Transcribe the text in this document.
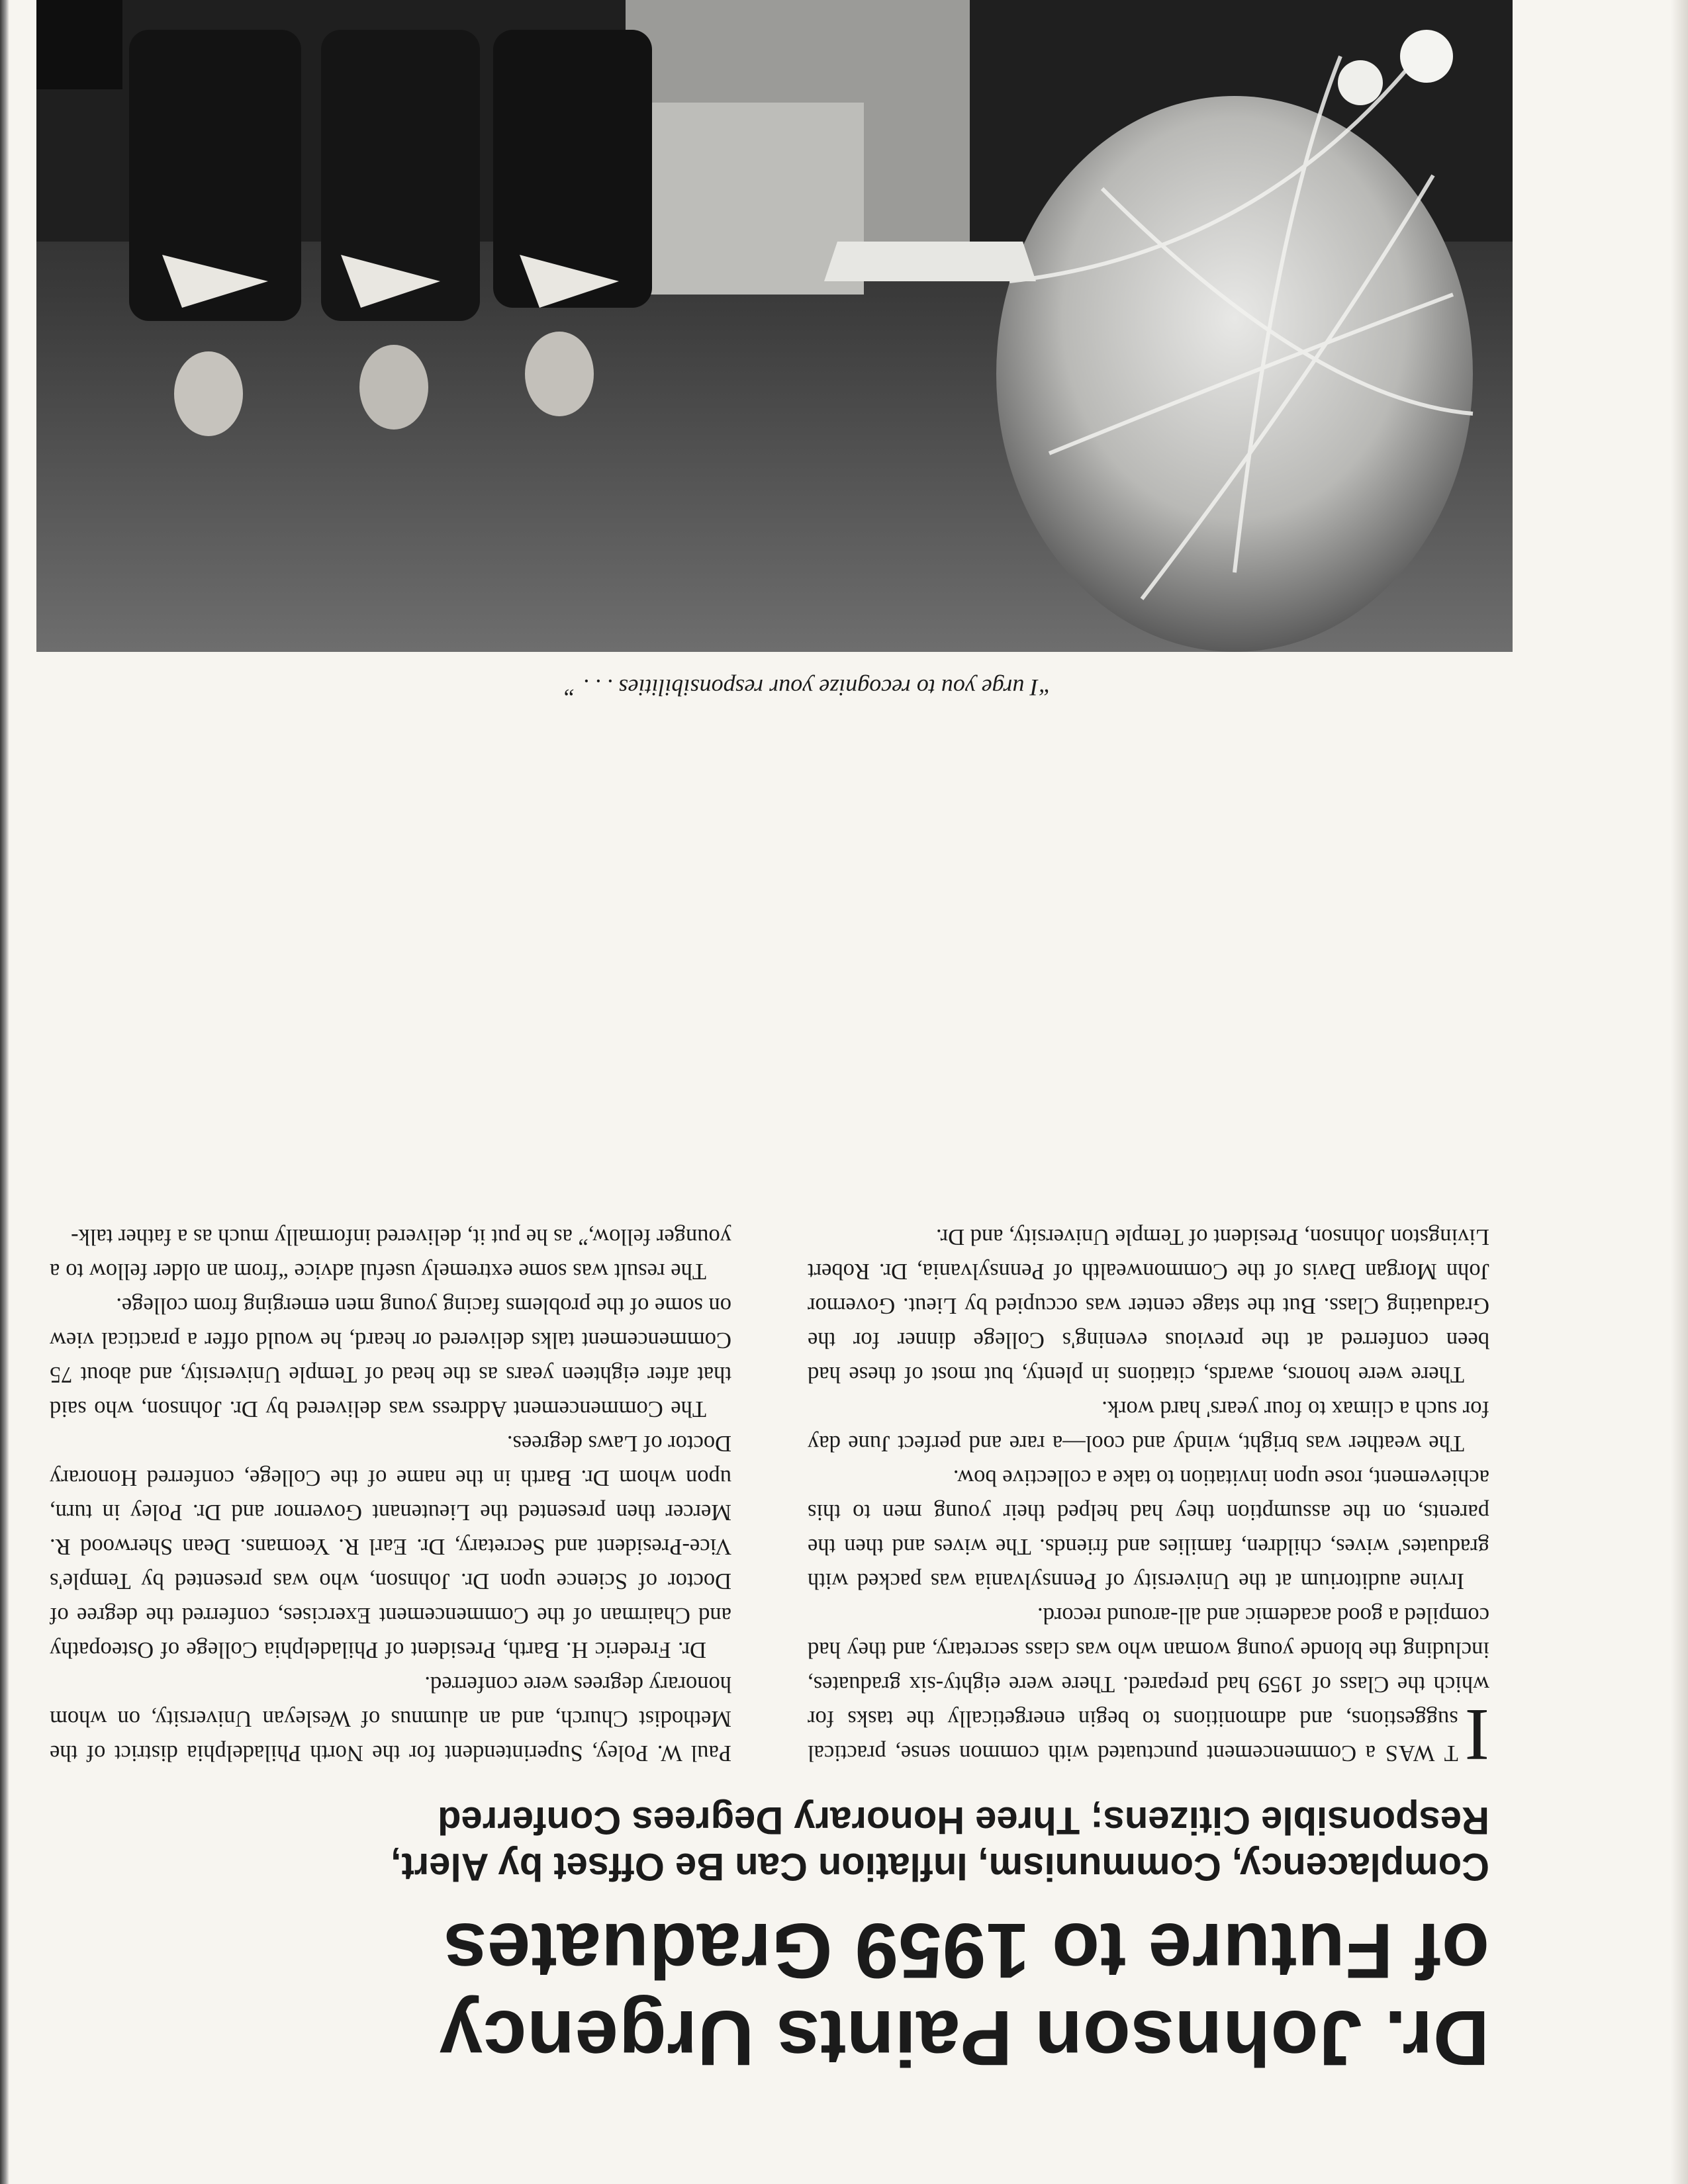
Dr. Johnson Paints Urgency
of Future to 1959 Graduates
Complacency, Communism, Inflation Can Be Offset by Alert,
Responsible Citizens; Three Honorary Degrees Conferred

I
T WAS a Commencement punctuated with common sense, practical suggestions, and admonitions to begin energetically the tasks for which the Class of 1959 had prepared. There were eighty-six graduates, including the blonde young woman who was class secretary, and they had compiled a good academic and all-around record.

Irvine auditorium at the University of Pennsylvania was packed with graduates' wives, children, families and friends. The wives and then the parents, on the assumption they had helped their young men to this achievement, rose upon invitation to take a collective bow.

The weather was bright, windy and cool—a rare and perfect June day for such a climax to four years' hard work.

There were honors, awards, citations in plenty, but most of these had been conferred at the previous evening's College dinner for the Graduating Class. But the stage center was occupied by Lieut. Governor John Morgan Davis of the Commonwealth of Pennsylvania, Dr. Robert Livingston Johnson, President of Temple University, and Dr.

Paul W. Poley, Superintendent for the North Philadelphia district of the Methodist Church, and an alumnus of Wesleyan University, on whom honorary degrees were conferred.

Dr. Frederic H. Barth, President of Philadelphia College of Osteopathy and Chairman of the Commencement Exercises, conferred the degree of Doctor of Science upon Dr. Johnson, who was presented by Temple's Vice-President and Secretary, Dr. Earl R. Yeomans. Dean Sherwood R. Mercer then presented the Lieutenant Governor and Dr. Poley in turn, upon whom Dr. Barth in the name of the College, conferred Honorary Doctor of Laws degrees.

The Commencement Address was delivered by Dr. Johnson, who said that after eighteen years as the head of Temple University, and about 75 Commencement talks delivered or heard, he would offer a practical view on some of the problems facing young men emerging from college.

The result was some extremely useful advice “from an older fellow to a younger fellow,” as he put it, delivered informally much as a father talk-

“I urge you to recognize your responsibilities . . . ”
